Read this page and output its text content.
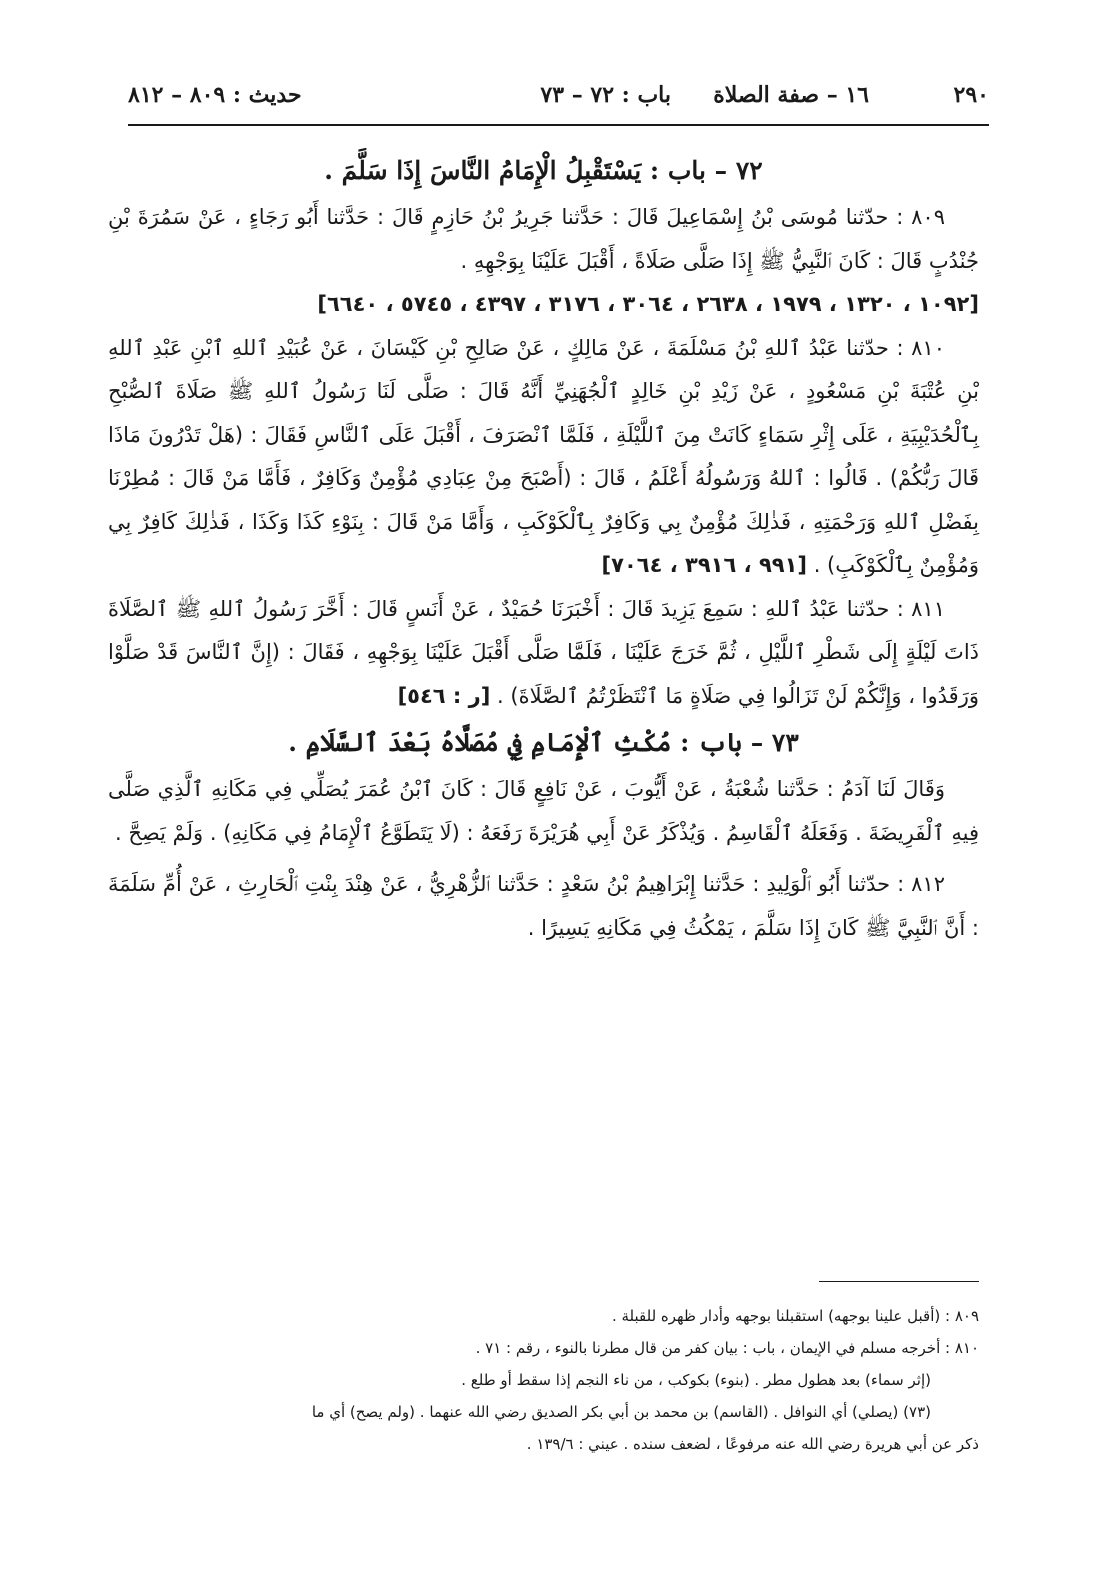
٢٩٠
١٦ – صفة الصلاة
باب : ٧٢ – ٧٣
حديث : ٨٠٩ – ٨١٢

٧٢ – باب : يَسْتَقْبِلُ الْإِمَامُ النَّاسَ إِذَا سَلَّمَ .

٨٠٩ : حدّثنا مُوسَى بْنُ إِسْمَاعِيلَ قَالَ : حَدَّثنا جَرِيرُ بْنُ حَازِمٍ قَالَ : حَدَّثنا أَبُو رَجَاءٍ ، عَنْ سَمُرَةَ بْنِ جُنْدُبٍ قَالَ : كَانَ ٱلنَّبِيُّ ﷺ إِذَا صَلَّى صَلَاةً ، أَقْبَلَ عَلَيْنَا بِوَجْهِهِ .

[١٠٩٢ ، ١٣٢٠ ، ١٩٧٩ ، ٢٦٣٨ ، ٣٠٦٤ ، ٣١٧٦ ، ٤٣٩٧ ، ٥٧٤٥ ، ٦٦٤٠]

٨١٠ : حدّثنا عَبْدُ ٱللهِ بْنُ مَسْلَمَةَ ، عَنْ مَالِكٍ ، عَنْ صَالِحِ بْنِ كَيْسَانَ ، عَنْ عُبَيْدِ ٱللهِ ٱبْنِ عَبْدِ ٱللهِ بْنِ عُتْبَةَ بْنِ مَسْعُودٍ ، عَنْ زَيْدِ بْنِ خَالِدٍ ٱلْجُهَنِيِّ أَنَّهُ قَالَ : صَلَّى لَنَا رَسُولُ ٱللهِ ﷺ صَلَاةَ ٱلصُّبْحِ بِٱلْحُدَيْبِيَةِ ، عَلَى إِثْرِ سَمَاءٍ كَانَتْ مِنَ ٱللَّيْلَةِ ، فَلَمَّا ٱنْصَرَفَ ، أَقْبَلَ عَلَى ٱلنَّاسِ فَقَالَ : (هَلْ تَدْرُونَ مَاذَا قَالَ رَبُّكُمْ) . قَالُوا : ٱللهُ وَرَسُولُهُ أَعْلَمُ ، قَالَ : (أَصْبَحَ مِنْ عِبَادِي مُؤْمِنٌ وَكَافِرٌ ، فَأَمَّا مَنْ قَالَ : مُطِرْنَا بِفَضْلِ ٱللهِ وَرَحْمَتِهِ ، فَذٰلِكَ مُؤْمِنٌ بِي وَكَافِرٌ بِٱلْكَوْكَبِ ، وَأَمَّا مَنْ قَالَ : بِنَوْءِ كَذَا وَكَذَا ، فَذٰلِكَ كَافِرٌ بِي وَمُؤْمِنٌ بِٱلْكَوْكَبِ) . [٩٩١ ، ٣٩١٦ ، ٧٠٦٤]

٨١١ : حدّثنا عَبْدُ ٱللهِ : سَمِعَ يَزِيدَ قَالَ : أَخْبَرَنَا حُمَيْدٌ ، عَنْ أَنَسٍ قَالَ : أَخَّرَ رَسُولُ ٱللهِ ﷺ ٱلصَّلَاةَ ذَاتَ لَيْلَةٍ إِلَى شَطْرِ ٱللَّيْلِ ، ثُمَّ خَرَجَ عَلَيْنَا ، فَلَمَّا صَلَّى أَقْبَلَ عَلَيْنَا بِوَجْهِهِ ، فَقَالَ : (إِنَّ ٱلنَّاسَ قَدْ صَلَّوْا وَرَقَدُوا ، وَإِنَّكُمْ لَنْ تَزَالُوا فِي صَلَاةٍ مَا ٱنْتَظَرْتُمُ ٱلصَّلَاةَ) . [ر : ٥٤٦]

٧٣ – باب : مُكْثِ ٱلْإِمَامِ فِي مُصَلَّاهُ بَعْدَ ٱلسَّلَامِ .

وَقَالَ لَنَا آدَمُ : حَدَّثنا شُعْبَةُ ، عَنْ أَيُّوبَ ، عَنْ نَافِعٍ قَالَ : كَانَ ٱبْنُ عُمَرَ يُصَلِّي فِي مَكَانِهِ ٱلَّذِي صَلَّى فِيهِ ٱلْفَرِيضَةَ . وَفَعَلَهُ ٱلْقَاسِمُ . وَيُذْكَرُ عَنْ أَبِي هُرَيْرَةَ رَفَعَهُ : (لَا يَتَطَوَّعُ ٱلْإِمَامُ فِي مَكَانِهِ) . وَلَمْ يَصِحَّ .

٨١٢ : حدّثنا أَبُو ٱلْوَلِيدِ : حَدَّثنا إِبْرَاهِيمُ بْنُ سَعْدٍ : حَدَّثنا ٱلزُّهْرِيُّ ، عَنْ هِنْدَ بِنْتِ ٱلْحَارِثِ ، عَنْ أُمِّ سَلَمَةَ : أَنَّ ٱلنَّبِيَّ ﷺ كَانَ إِذَا سَلَّمَ ، يَمْكُثُ فِي مَكَانِهِ يَسِيرًا .

٨٠٩ : (أقبل علينا بوجهه) استقبلنا بوجهه وأدار ظهره للقبلة .

٨١٠ : أخرجه مسلم في الإيمان ، باب : بيان كفر من قال مطرنا بالنوء ، رقم : ٧١ .

(إثر سماء) بعد هطول مطر . (بنوء) بكوكب ، من ناء النجم إذا سقط أو طلع .

(٧٣) (يصلي) أي النوافل . (القاسم) بن محمد بن أبي بكر الصديق رضي الله عنهما . (ولم يصح) أي ما

ذكر عن أبي هريرة رضي الله عنه مرفوعًا ، لضعف سنده . عيني : ١٣٩/٦ .
